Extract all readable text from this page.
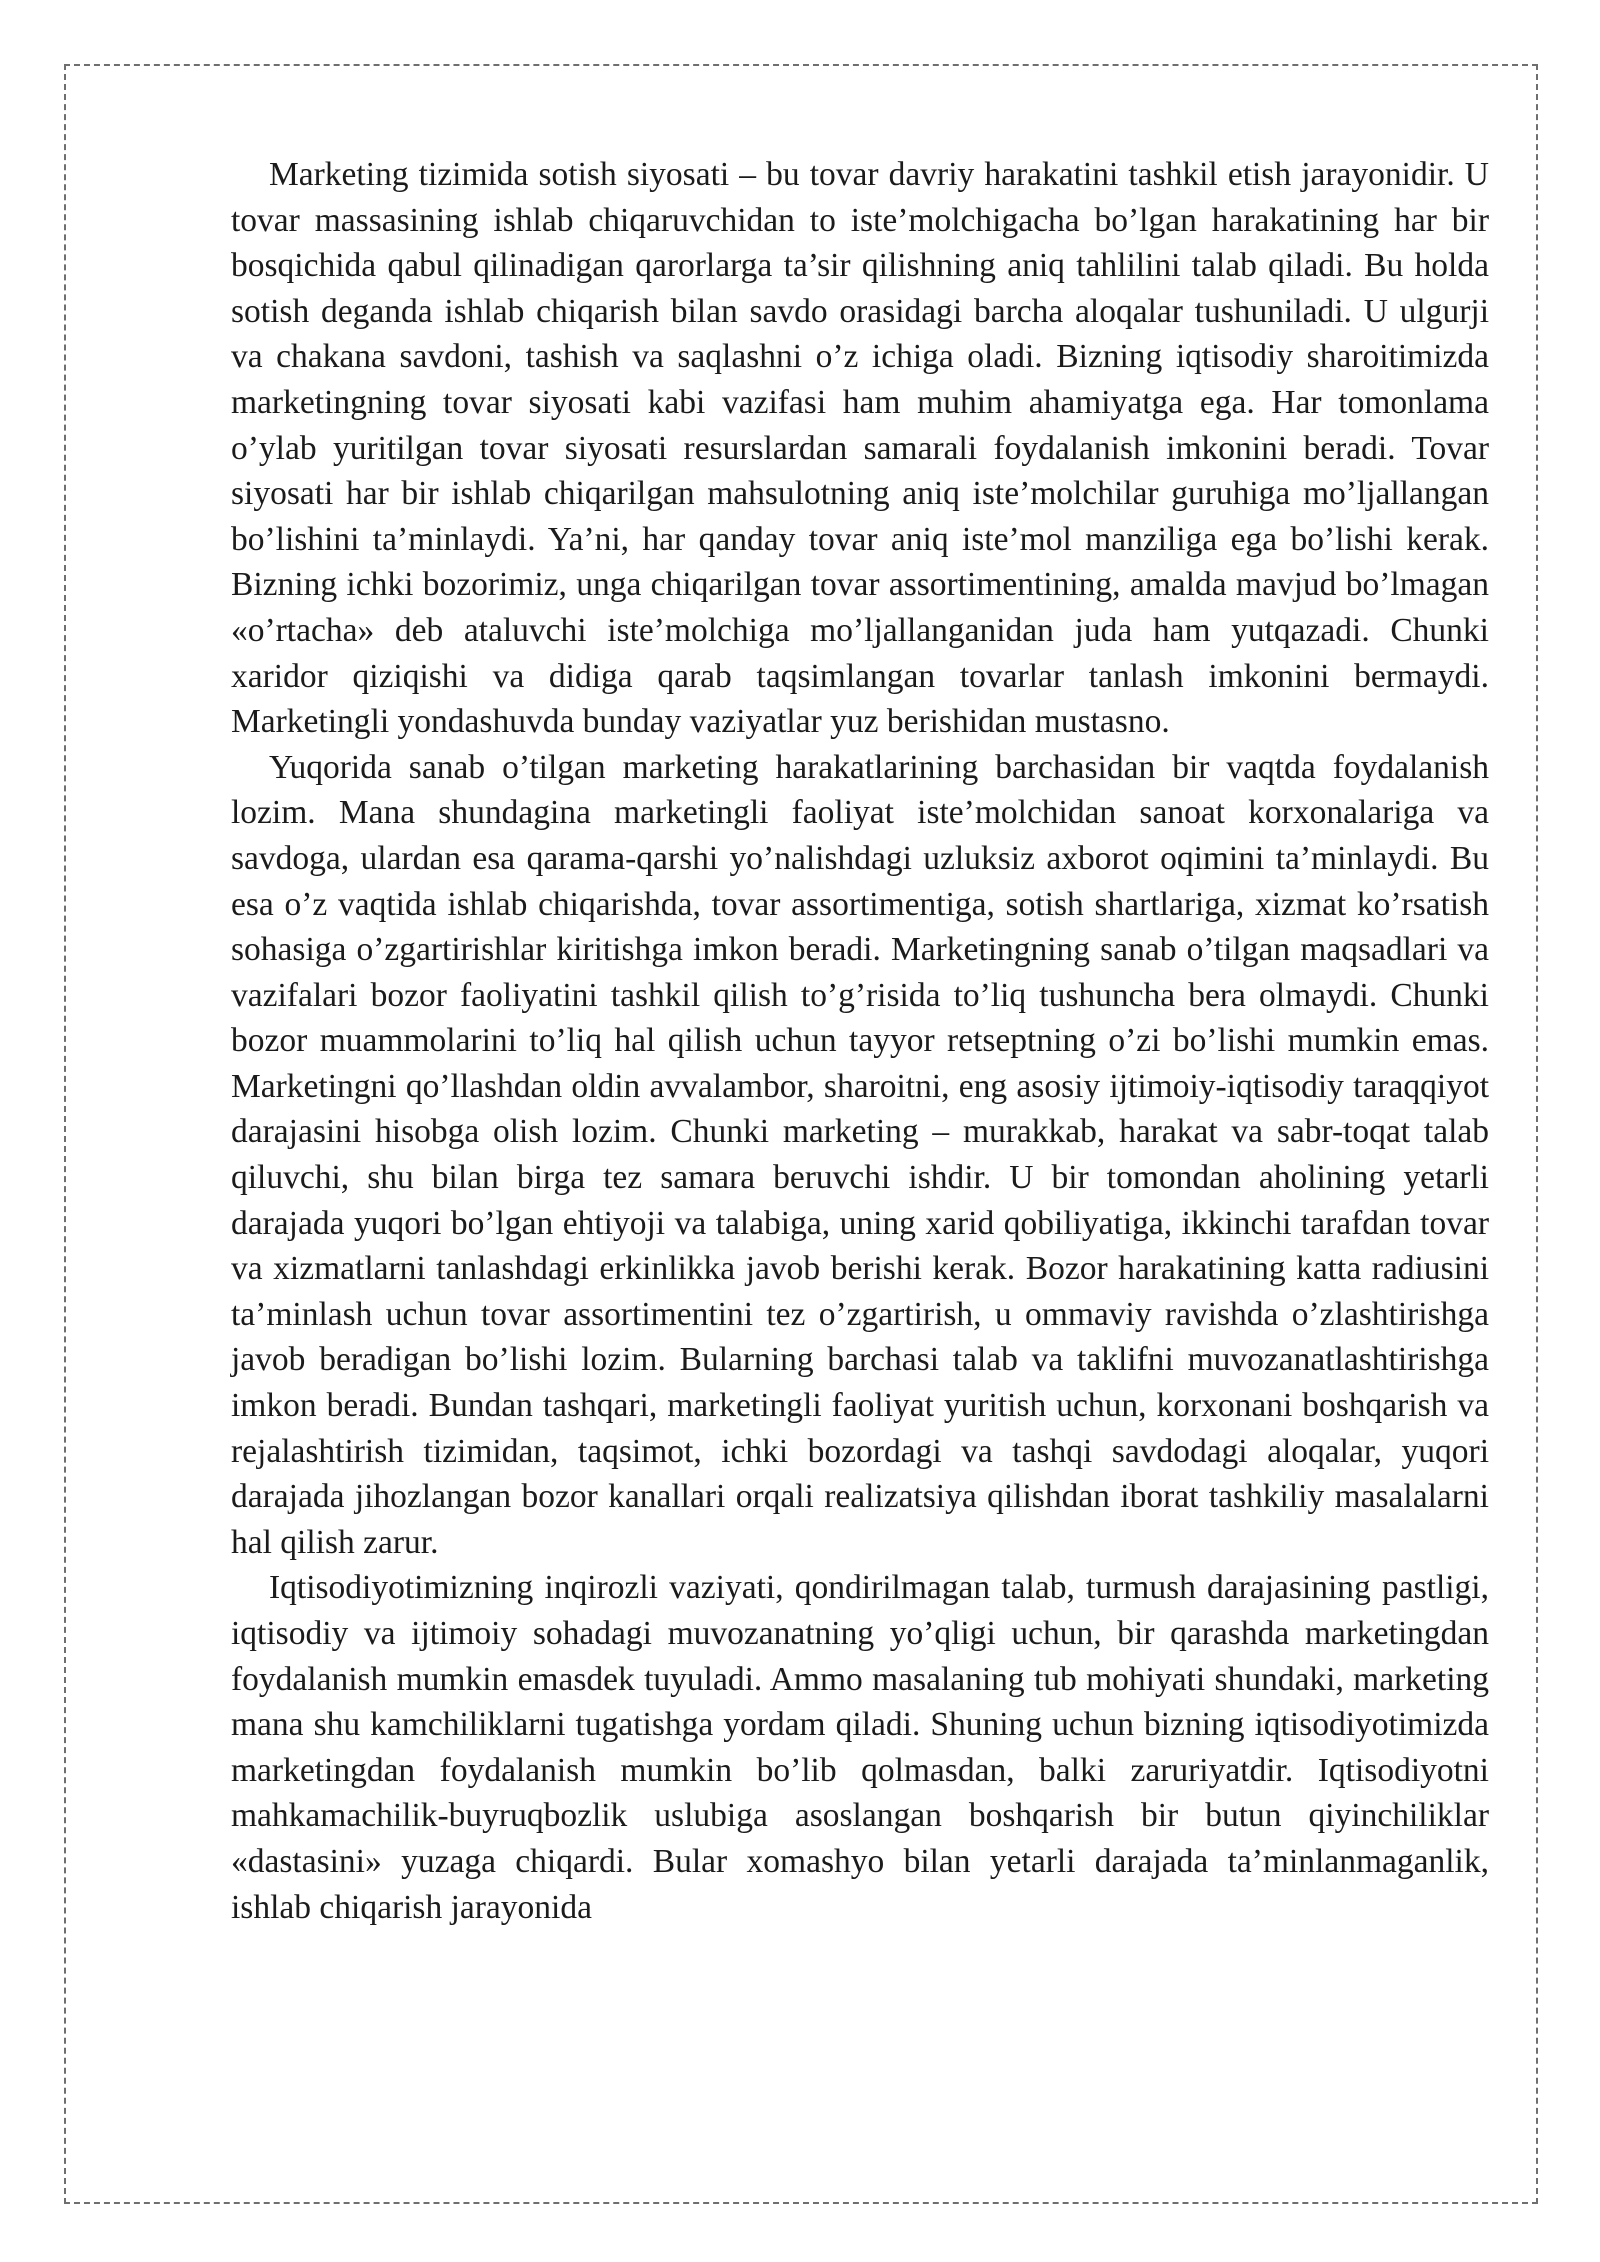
Marketing tizimida sotish siyosati – bu tovar davriy harakatini tashkil etish jarayonidir. U tovar massasining ishlab chiqaruvchidan to iste’molchigacha bo’lgan harakatining har bir bosqichida qabul qilinadigan qarorlarga ta’sir qilishning aniq tahlilini talab qiladi. Bu holda sotish deganda ishlab chiqarish bilan savdo orasidagi barcha aloqalar tushuniladi. U ulgurji va chakana savdoni, tashish va saqlashni o’z ichiga oladi. Bizning iqtisodiy sharoitimizda marketingning tovar siyosati kabi vazifasi ham muhim ahamiyatga ega. Har tomonlama o’ylab yuritilgan tovar siyosati resurslardan samarali foydalanish imkonini beradi. Tovar siyosati har bir ishlab chiqarilgan mahsulotning aniq iste’molchilar guruhiga mo’ljallangan bo’lishini ta’minlaydi. Ya’ni, har qanday tovar aniq iste’mol manziliga ega bo’lishi kerak. Bizning ichki bozorimiz, unga chiqarilgan tovar assortimentining, amalda mavjud bo’lmagan «o’rtacha» deb ataluvchi iste’molchiga mo’ljallanganidan juda ham yutqazadi. Chunki xaridor qiziqishi va didiga qarab taqsimlangan tovarlar tanlash imkonini bermaydi. Marketingli yondashuvda bunday vaziyatlar yuz berishidan mustasno.

Yuqorida sanab o’tilgan marketing harakatlarining barchasidan bir vaqtda foydalanish lozim. Mana shundagina marketingli faoliyat iste’molchidan sanoat korxonalariga va savdoga, ulardan esa qarama-qarshi yo’nalishdagi uzluksiz axborot oqimini ta’minlaydi. Bu esa o’z vaqtida ishlab chiqarishda, tovar assortimentiga, sotish shartlariga, xizmat ko’rsatish sohasiga o’zgartirishlar kiritishga imkon beradi. Marketingning sanab o’tilgan maqsadlari va vazifalari bozor faoliyatini tashkil qilish to’g’risida to’liq tushuncha bera olmaydi. Chunki bozor muammolarini to’liq hal qilish uchun tayyor retseptning o’zi bo’lishi mumkin emas. Marketingni qo’llashdan oldin avvalambor, sharoitni, eng asosiy ijtimoiy-iqtisodiy taraqqiyot darajasini hisobga olish lozim. Chunki marketing – murakkab, harakat va sabr-toqat talab qiluvchi, shu bilan birga tez samara beruvchi ishdir. U bir tomondan aholining yetarli darajada yuqori bo’lgan ehtiyoji va talabiga, uning xarid qobiliyatiga, ikkinchi tarafdan tovar va xizmatlarni tanlashdagi erkinlikka javob berishi kerak. Bozor harakatining katta radiusini ta’minlash uchun tovar assortimentini tez o’zgartirish, u ommaviy ravishda o’zlashtirishga javob beradigan bo’lishi lozim. Bularning barchasi talab va taklifni muvozanatlashtirishga imkon beradi. Bundan tashqari, marketingli faoliyat yuritish uchun, korxonani boshqarish va rejalashtirish tizimidan, taqsimot, ichki bozordagi va tashqi savdodagi aloqalar, yuqori darajada jihozlangan bozor kanallari orqali realizatsiya qilishdan iborat tashkiliy masalalarni hal qilish zarur.

Iqtisodiyotimizning inqirozli vaziyati, qondirilmagan talab, turmush darajasining pastligi, iqtisodiy va ijtimoiy sohadagi muvozanatning yo’qligi uchun, bir qarashda marketingdan foydalanish mumkin emasdek tuyuladi. Ammo masalaning tub mohiyati shundaki, marketing mana shu kamchiliklarni tugatishga yordam qiladi. Shuning uchun bizning iqtisodiyotimizda marketingdan foydalanish mumkin bo’lib qolmasdan, balki zaruriyatdir. Iqtisodiyotni mahkamachilik-buyruqbozlik uslubiga asoslangan boshqarish bir butun qiyinchiliklar «dastasini» yuzaga chiqardi. Bular xomashyo bilan yetarli darajada ta’minlanmaganlik, ishlab chiqarish jarayonida
